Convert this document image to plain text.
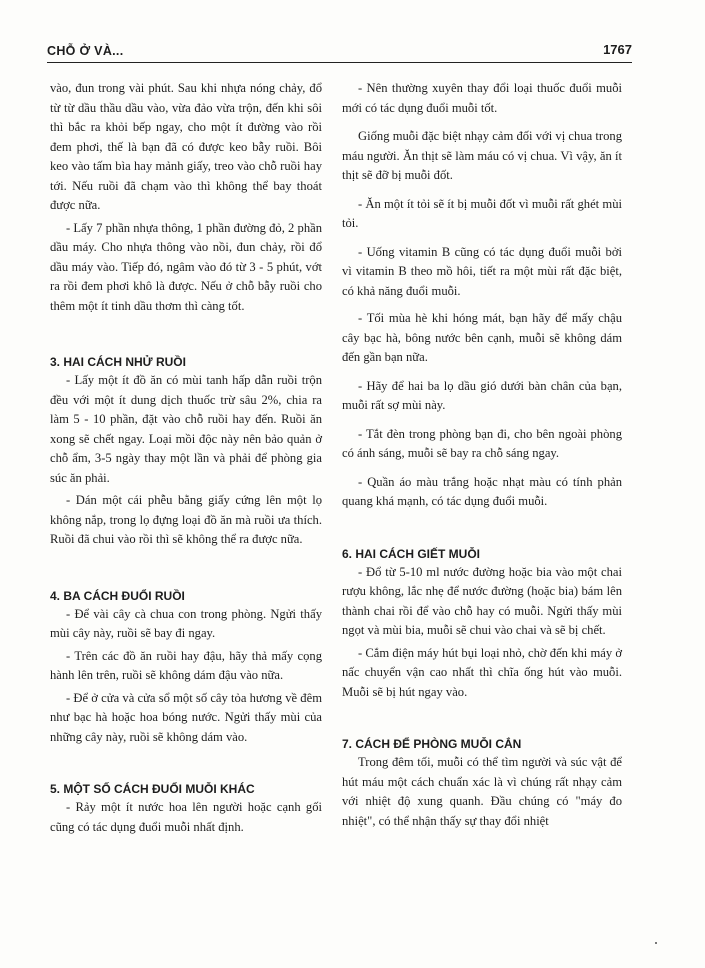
CHỖ Ở VÀ...	1767

vào, đun trong vài phút. Sau khi nhựa nóng chảy, đổ từ từ dầu thầu dầu vào, vừa đảo vừa trộn, đến khi sôi thì bắc ra khỏi bếp ngay, cho một ít đường vào rồi đem phơi, thế là bạn đã có được keo bẫy ruồi. Bôi keo vào tấm bìa hay mảnh giấy, treo vào chỗ ruồi hay tới. Nếu ruồi đã chạm vào thì không thể bay thoát được nữa.

- Lấy 7 phần nhựa thông, 1 phần đường đỏ, 2 phần dầu máy. Cho nhựa thông vào nồi, đun chảy, rồi đổ dầu máy vào. Tiếp đó, ngâm vào đó từ 3 - 5 phút, vớt ra rồi đem phơi khô là được. Nếu ở chỗ bẫy ruồi cho thêm một ít tinh dầu thơm thì càng tốt.

3. HAI CÁCH NHỬ RUỒI

- Lấy một ít đồ ăn có mùi tanh hấp dẫn ruồi trộn đều với một ít dung dịch thuốc trừ sâu 2%, chia ra làm 5 - 10 phần, đặt vào chỗ ruồi hay đến. Ruồi ăn xong sẽ chết ngay. Loại mồi độc này nên bảo quản ở chỗ ẩm, 3-5 ngày thay một lần và phải để phòng gia súc ăn phải.

- Dán một cái phễu bằng giấy cứng lên một lọ không nắp, trong lọ đựng loại đồ ăn mà ruồi ưa thích. Ruồi đã chui vào rồi thì sẽ không thể ra được nữa.

4. BA CÁCH ĐUỔI RUỒI

- Để vài cây cà chua con trong phòng. Ngửi thấy mùi cây này, ruồi sẽ bay đi ngay.

- Trên các đồ ăn ruồi hay đậu, hãy thả mấy cọng hành lên trên, ruồi sẽ không dám đậu vào nữa.

- Để ở cửa và cửa sổ một số cây tỏa hương về đêm như bạc hà hoặc hoa bóng nước. Ngửi thấy mùi của những cây này, ruồi sẽ không dám vào.

5. MỘT SỐ CÁCH ĐUỔI MUỖI KHÁC

- Rảy một ít nước hoa lên người hoặc cạnh gối cũng có tác dụng đuổi muỗi nhất định.

- Nên thường xuyên thay đổi loại thuốc đuổi muỗi mới có tác dụng đuổi muỗi tốt.

Giống muỗi đặc biệt nhạy cảm đối với vị chua trong máu người. Ăn thịt sẽ làm máu có vị chua. Vì vậy, ăn ít thịt sẽ đỡ bị muỗi đốt.

- Ăn một ít tỏi sẽ ít bị muỗi đốt vì muỗi rất ghét mùi tỏi.

- Uống vitamin B cũng có tác dụng đuổi muỗi bởi vì vitamin B theo mồ hôi, tiết ra một mùi rất đặc biệt, có khả năng đuổi muỗi.

- Tối mùa hè khi hóng mát, bạn hãy để mấy chậu cây bạc hà, bông nước bên cạnh, muỗi sẽ không dám đến gần bạn nữa.

- Hãy để hai ba lọ dầu gió dưới bàn chân của bạn, muỗi rất sợ mùi này.

- Tắt đèn trong phòng bạn đi, cho bên ngoài phòng có ánh sáng, muỗi sẽ bay ra chỗ sáng ngay.

- Quần áo màu trắng hoặc nhạt màu có tính phản quang khá mạnh, có tác dụng đuổi muỗi.

6. HAI CÁCH GIẾT MUỖI

- Đổ từ 5-10 ml nước đường hoặc bia vào một chai rượu không, lắc nhẹ để nước đường (hoặc bia) bám lên thành chai rồi để vào chỗ hay có muỗi. Ngửi thấy mùi ngọt và mùi bia, muỗi sẽ chui vào chai và sẽ bị chết.

- Cắm điện máy hút bụi loại nhỏ, chờ đến khi máy ở nấc chuyển vận cao nhất thì chĩa ống hút vào muỗi. Muỗi sẽ bị hút ngay vào.

7. CÁCH ĐỂ PHÒNG MUỖI CẮN

Trong đêm tối, muỗi có thể tìm người và súc vật để hút máu một cách chuẩn xác là vì chúng rất nhạy cảm với nhiệt độ xung quanh. Đầu chúng có "máy đo nhiệt", có thể nhận thấy sự thay đổi nhiệt
